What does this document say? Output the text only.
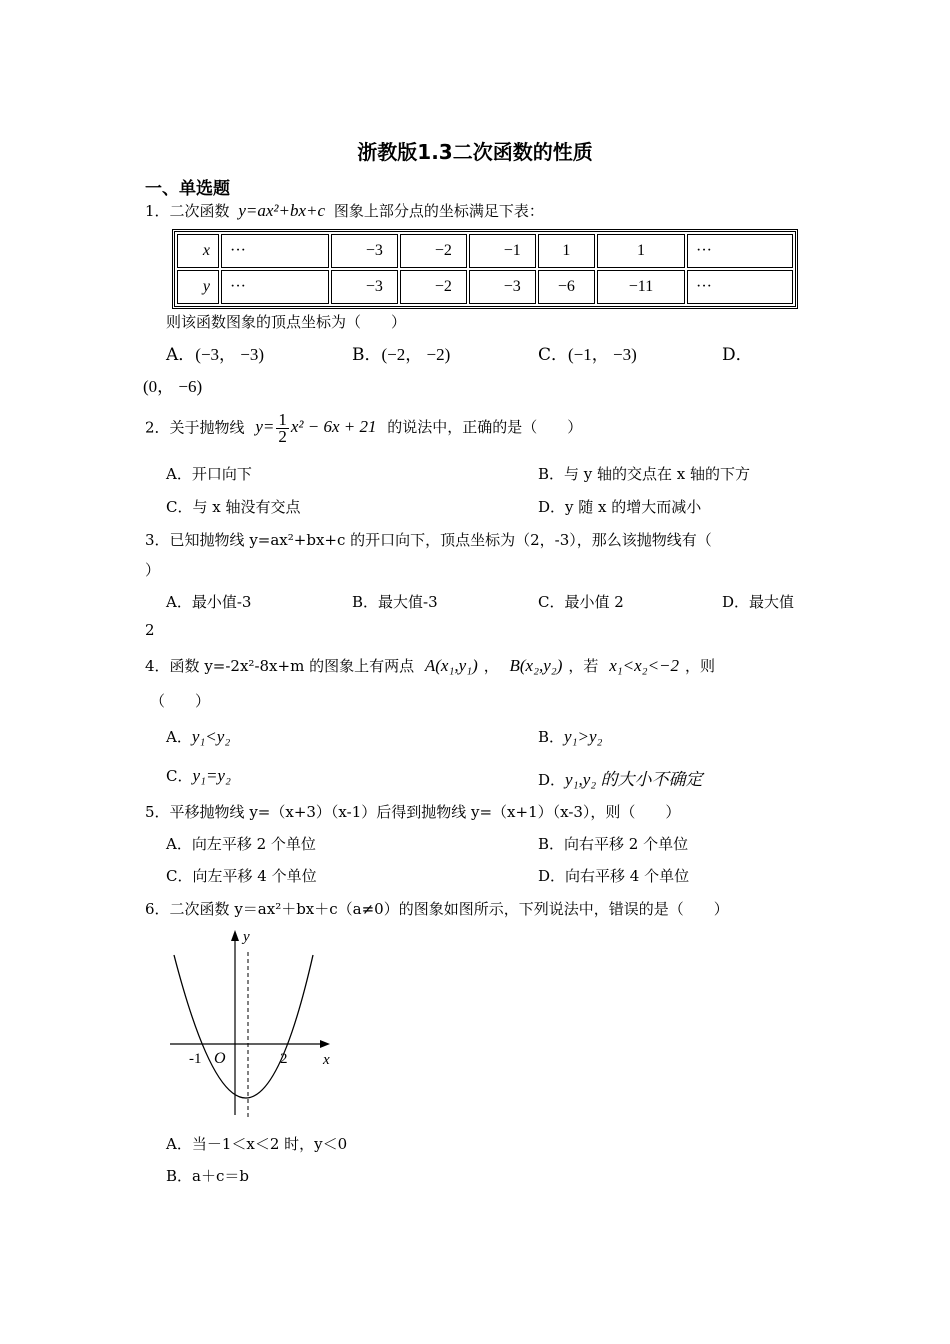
浙教版1.3二次函数的性质
一、单选题
1．二次函数 y=ax²+bx+c 图象上部分点的坐标满足下表：
x	···	−3	−2	−1	1	1	···
y	···	−3	−2	−3	−6	−11	···
则该函数图象的顶点坐标为（　　）
A．(−3， −3)	B．(−2， −2)	C．(−1， −3)	D．
(0， −6)
2．关于抛物线 $y= \frac{1}{2} x^2 - 6x + 21$ 的说法中，正确的是（　　）
A．开口向下	B．与 y 轴的交点在 x 轴的下方
C．与 x 轴没有交点	D．y 随 x 的增大而减小
3．已知抛物线 y=ax²+bx+c 的开口向下，顶点坐标为（2，-3），那么该抛物线有（
）
A．最小值-3	B．最大值-3	C．最小值 2	D．最大值
2
4．函数 y=-2x²-8x+m 的图象上有两点 A(x₁,y₁) ， B(x₂,y₂) ，若 x₁<x₂<−2 ，则
（　　）
A．y₁<y₂	B．y₁>y₂
C．y₁=y₂	D．y₁,y₂ 的大小不确定
5．平移抛物线 y=（x+3）（x-1）后得到抛物线 y=（x+1）（x-3），则（　　）
A．向左平移 2 个单位	B．向右平移 2 个单位
C．向左平移 4 个单位	D．向右平移 4 个单位
6．二次函数 y＝ax²＋bx＋c（a≠0）的图象如图所示，下列说法中，错误的是（　　）
y
x
O
-1	2
A．当－1＜x＜2 时，y＜0
B．a＋c＝b
